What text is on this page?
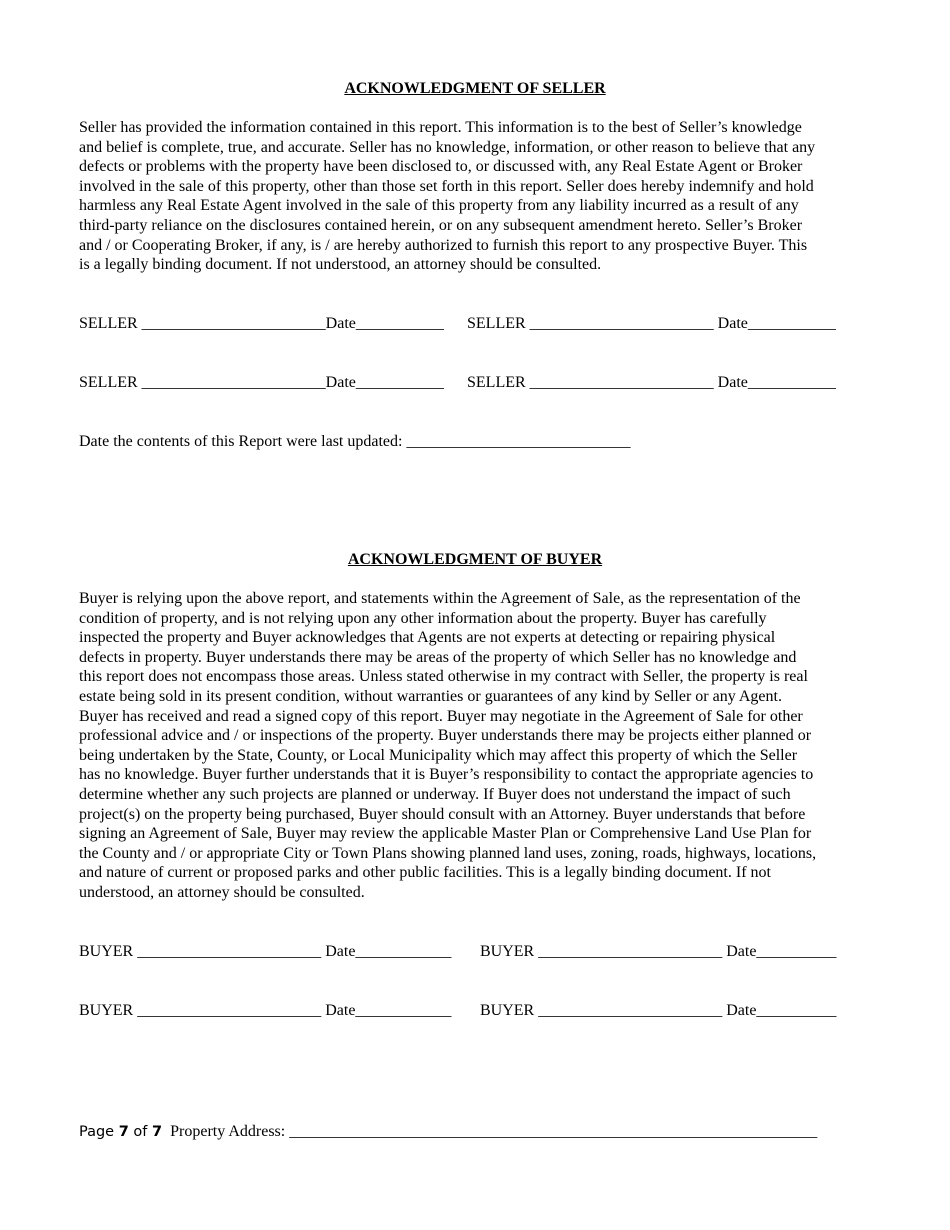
ACKNOWLEDGMENT OF SELLER
Seller has provided the information contained in this report. This information is to the best of Seller’s knowledge
and belief is complete, true, and accurate. Seller has no knowledge, information, or other reason to believe that any
defects or problems with the property have been disclosed to, or discussed with, any Real Estate Agent or Broker
involved in the sale of this property, other than those set forth in this report. Seller does hereby indemnify and hold
harmless any Real Estate Agent involved in the sale of this property from any liability incurred as a result of any
third-party reliance on the disclosures contained herein, or on any subsequent amendment hereto. Seller’s Broker
and / or Cooperating Broker, if any, is / are hereby authorized to furnish this report to any prospective Buyer. This
is a legally binding document. If not understood, an attorney should be consulted.
SELLER _______________________Date___________ SELLER _______________________ Date___________
SELLER _______________________Date___________ SELLER _______________________ Date___________
Date the contents of this Report were last updated: ____________________________
ACKNOWLEDGMENT OF BUYER
Buyer is relying upon the above report, and statements within the Agreement of Sale, as the representation of the
condition of property, and is not relying upon any other information about the property. Buyer has carefully
inspected the property and Buyer acknowledges that Agents are not experts at detecting or repairing physical
defects in property. Buyer understands there may be areas of the property of which Seller has no knowledge and
this report does not encompass those areas. Unless stated otherwise in my contract with Seller, the property is real
estate being sold in its present condition, without warranties or guarantees of any kind by Seller or any Agent.
Buyer has received and read a signed copy of this report. Buyer may negotiate in the Agreement of Sale for other
professional advice and / or inspections of the property. Buyer understands there may be projects either planned or
being undertaken by the State, County, or Local Municipality which may affect this property of which the Seller
has no knowledge. Buyer further understands that it is Buyer’s responsibility to contact the appropriate agencies to
determine whether any such projects are planned or underway. If Buyer does not understand the impact of such
project(s) on the property being purchased, Buyer should consult with an Attorney. Buyer understands that before
signing an Agreement of Sale, Buyer may review the applicable Master Plan or Comprehensive Land Use Plan for
the County and / or appropriate City or Town Plans showing planned land uses, zoning, roads, highways, locations,
and nature of current or proposed parks and other public facilities. This is a legally binding document. If not
understood, an attorney should be consulted.
BUYER _______________________ Date____________ BUYER _______________________ Date__________
BUYER _______________________ Date____________ BUYER _______________________ Date__________
Page 7 of 7  Property Address: __________________________________________________________________
